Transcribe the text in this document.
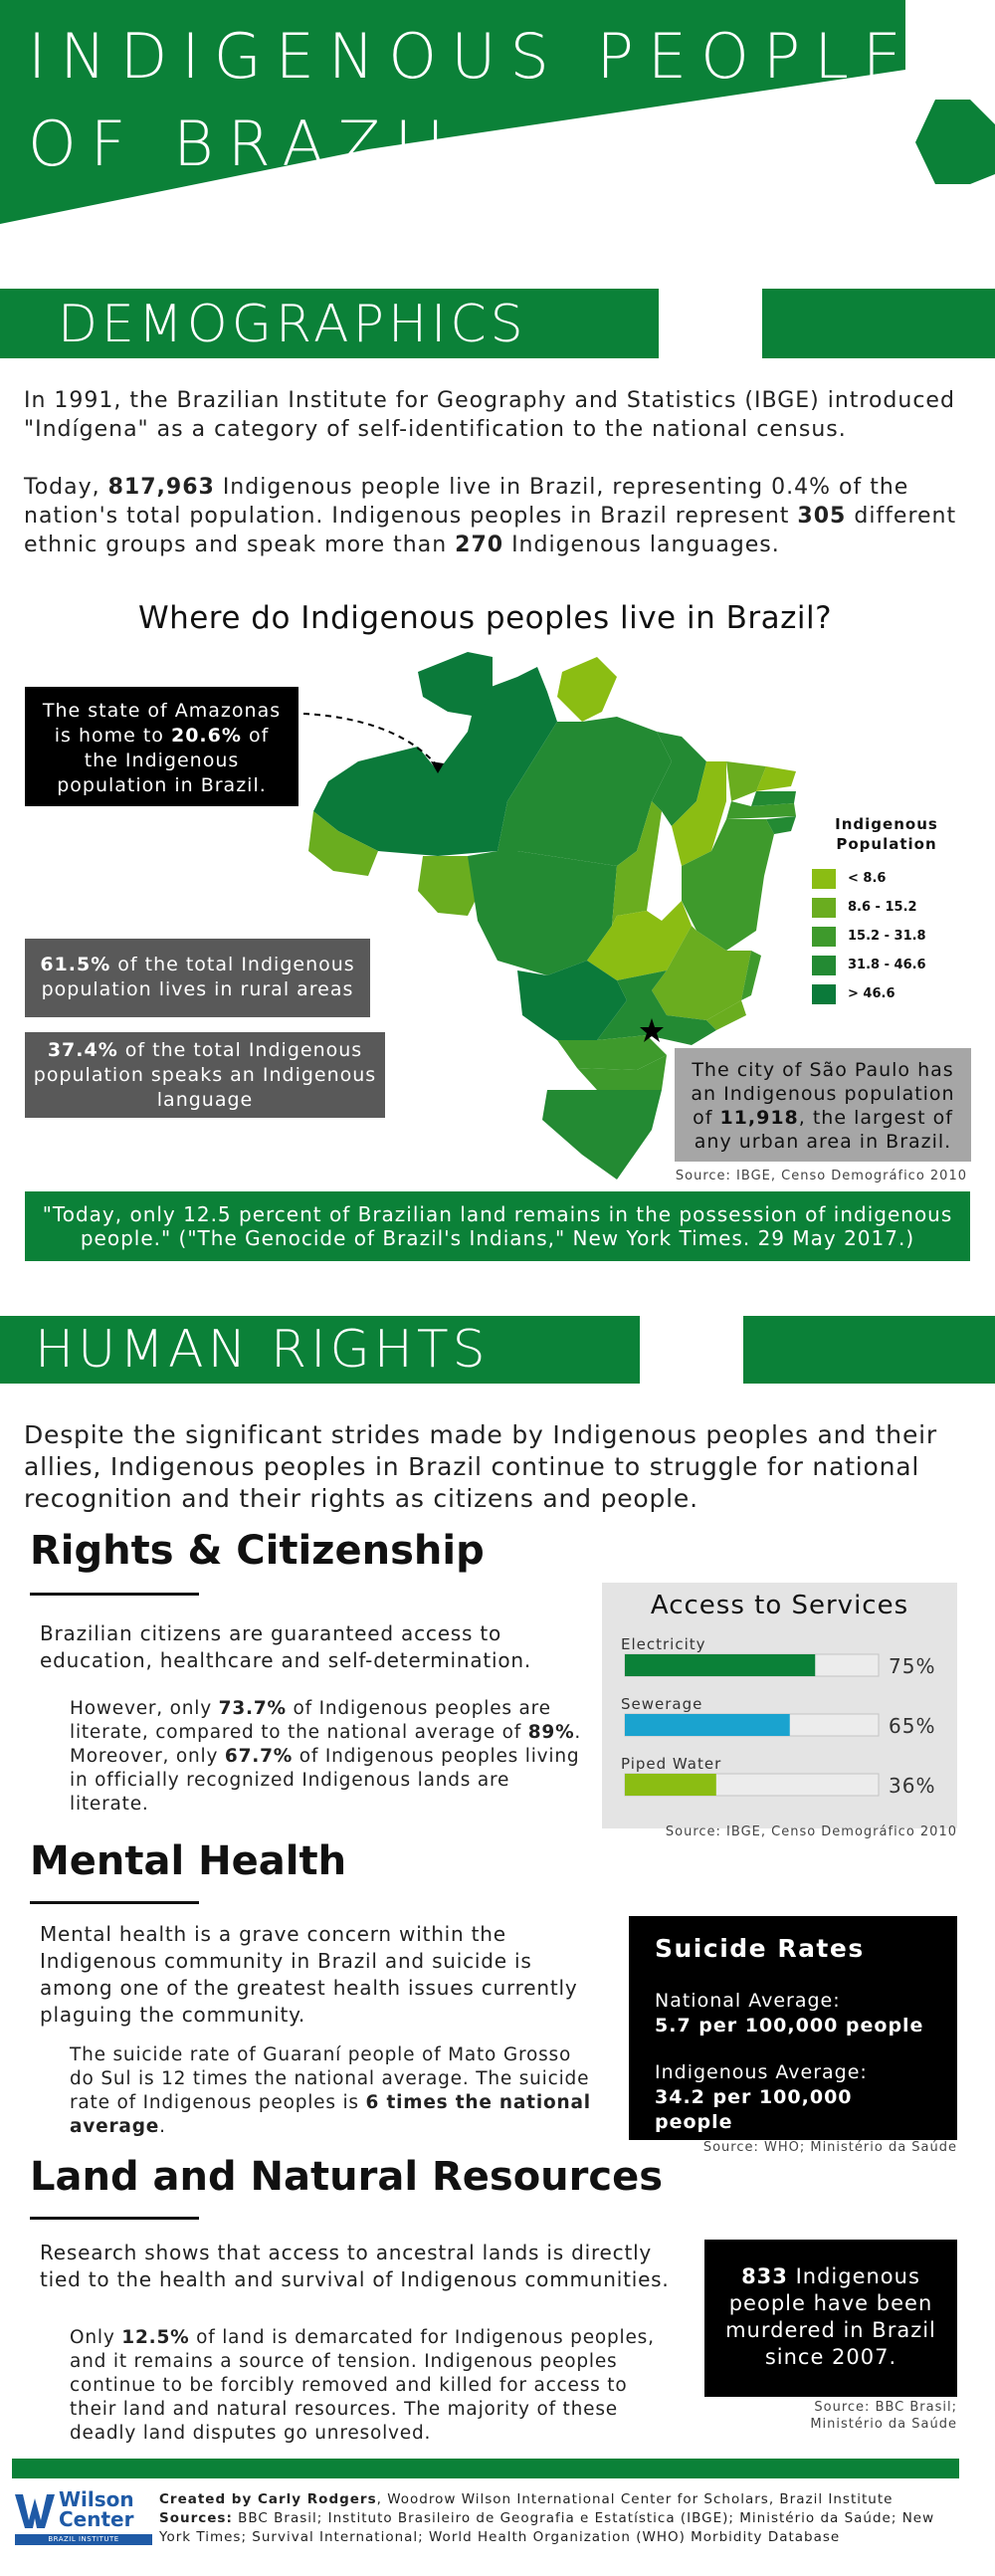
INDIGENOUS PEOPLES
OF BRAZIL
DEMOGRAPHICS
In 1991, the Brazilian Institute for Geography and Statistics (IBGE) introduced "Indígena" as a category of self-identification to the national census.
Today, 817,963 Indigenous people live in Brazil, representing 0.4% of the nation's total population. Indigenous peoples in Brazil represent 305 different ethnic groups and speak more than 270 Indigenous languages.
Where do Indigenous peoples live in Brazil?
The state of Amazonas is home to 20.6% of the Indigenous population in Brazil.
Indigenous Population
< 8.6
8.6 - 15.2
15.2 - 31.8
31.8 - 46.6
> 46.6
61.5% of the total Indigenous population lives in rural areas
37.4% of the total Indigenous population speaks an Indigenous language
The city of São Paulo has an Indigenous population of 11,918, the largest of any urban area in Brazil.
Source: IBGE, Censo Demográfico 2010
"Today, only 12.5 percent of Brazilian land remains in the possession of indigenous people." ("The Genocide of Brazil's Indians," New York Times. 29 May 2017.)
HUMAN RIGHTS
Despite the significant strides made by Indigenous peoples and their allies, Indigenous peoples in Brazil continue to struggle for national recognition and their rights as citizens and people.
Rights & Citizenship
Brazilian citizens are guaranteed access to education, healthcare and self-determination.
However, only 73.7% of Indigenous peoples are literate, compared to the national average of 89%. Moreover, only 67.7% of Indigenous peoples living in officially recognized Indigenous lands are literate.
Access to Services
Electricity
75%
Sewerage
65%
Piped Water
36%
Source: IBGE, Censo Demográfico 2010
Mental Health
Mental health is a grave concern within the Indigenous community in Brazil and suicide is among one of the greatest health issues currently plaguing the community.
The suicide rate of Guaraní people of Mato Grosso do Sul is 12 times the national average. The suicide rate of Indigenous peoples is 6 times the national average.
Suicide Rates
National Average:
5.7 per 100,000 people
Indigenous Average:
34.2 per 100,000 people
Source: WHO; Ministério da Saúde
Land and Natural Resources
Research shows that access to ancestral lands is directly tied to the health and survival of Indigenous communities.
Only 12.5% of land is demarcated for Indigenous peoples, and it remains a source of tension. Indigenous peoples continue to be forcibly removed and killed for access to their land and natural resources. The majority of these deadly land disputes go unresolved.
833 Indigenous people have been murdered in Brazil since 2007.
Source: BBC Brasil;
Ministério da Saúde
Wilson
Center
BRAZIL INSTITUTE
Created by Carly Rodgers, Woodrow Wilson International Center for Scholars, Brazil Institute
Sources: BBC Brasil; Instituto Brasileiro de Geografia e Estatística (IBGE); Ministério da Saúde; New York Times; Survival International; World Health Organization (WHO) Morbidity Database
